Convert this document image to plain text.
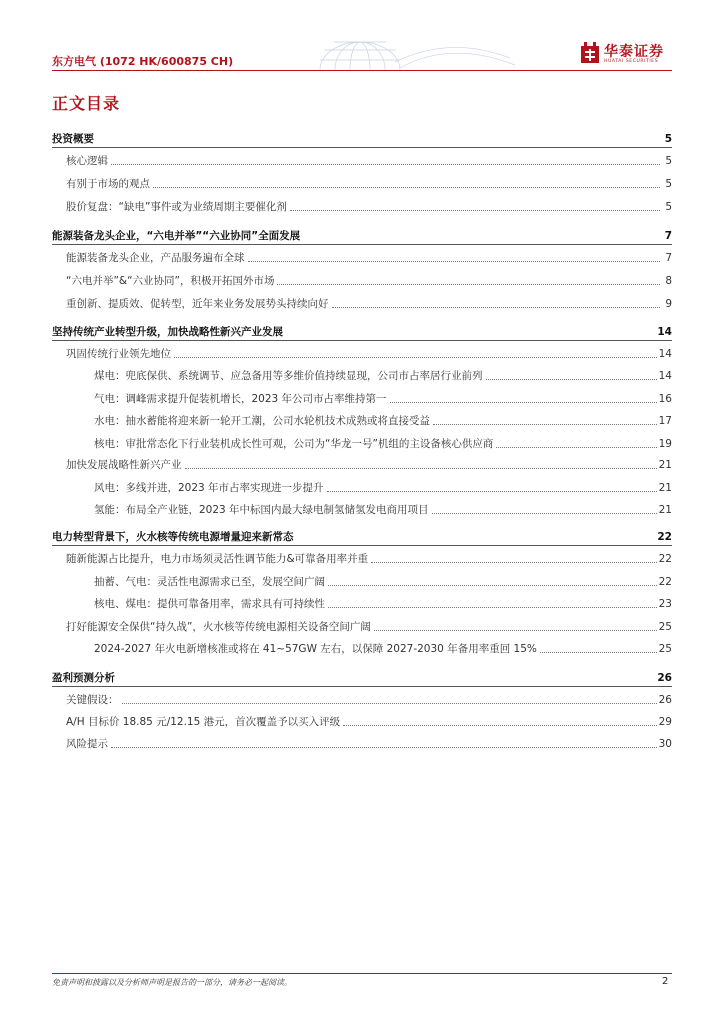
东方电气 (1072 HK/600875 CH)
华泰证券
HUATAI SECURITIES
正文目录
投资概要	5
核心逻辑	5
有别于市场的观点	5
股价复盘：“缺电”事件或为业绩周期主要催化剂	5
能源装备龙头企业，“六电并举”“六业协同”全面发展	7
能源装备龙头企业，产品服务遍布全球	7
“六电并举”&“六业协同”，积极开拓国外市场	8
重创新、提质效、促转型，近年来业务发展势头持续向好	9
坚持传统产业转型升级，加快战略性新兴产业发展	14
巩固传统行业领先地位	14
煤电：兜底保供、系统调节、应急备用等多维价值持续显现，公司市占率居行业前列	14
气电：调峰需求提升促装机增长，2023 年公司市占率维持第一	16
水电：抽水蓄能将迎来新一轮开工潮，公司水轮机技术成熟或将直接受益	17
核电：审批常态化下行业装机成长性可观，公司为“华龙一号”机组的主设备核心供应商	19
加快发展战略性新兴产业	21
风电：多线并进，2023 年市占率实现进一步提升	21
氢能：布局全产业链，2023 年中标国内最大绿电制氢储氢发电商用项目	21
电力转型背景下，火水核等传统电源增量迎来新常态	22
随新能源占比提升，电力市场须灵活性调节能力&可靠备用率并重	22
抽蓄、气电：灵活性电源需求已至，发展空间广阔	22
核电、煤电：提供可靠备用率，需求具有可持续性	23
打好能源安全保供“持久战”，火水核等传统电源相关设备空间广阔	25
2024-2027 年火电新增核准或将在 41~57GW 左右，以保障 2027-2030 年备用率重回 15%	25
盈利预测分析	26
关键假设：	26
A/H 目标价 18.85 元/12.15 港元，首次覆盖予以买入评级	29
风险提示	30
免责声明和披露以及分析师声明是报告的一部分，请务必一起阅读。	2
